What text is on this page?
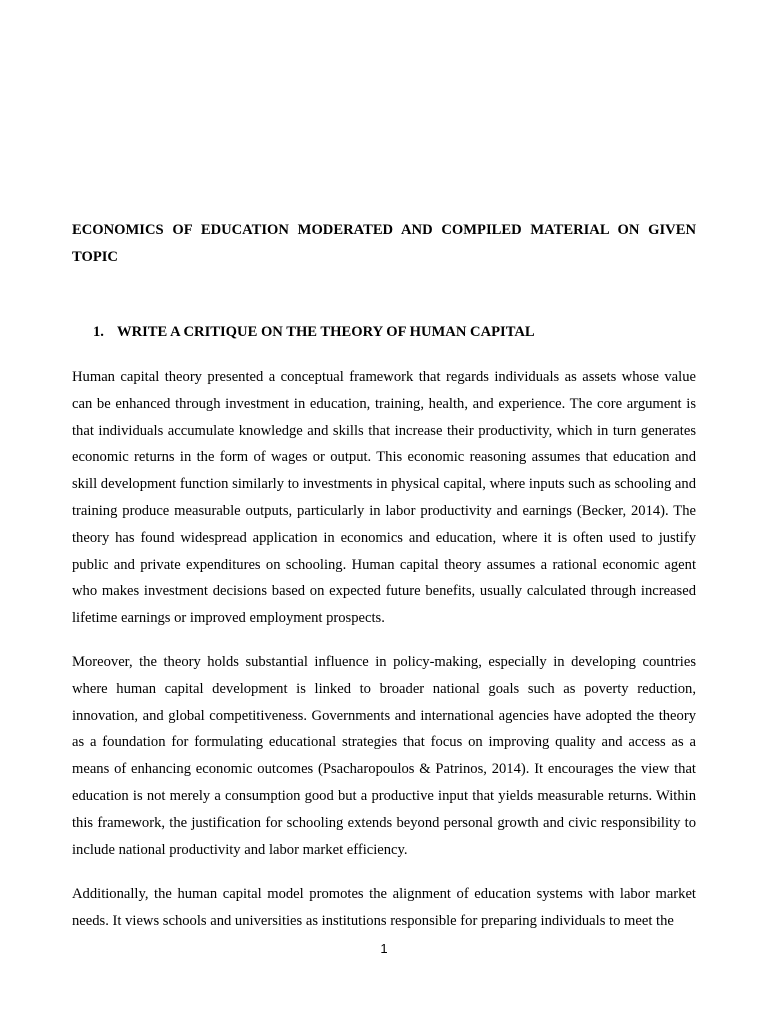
ECONOMICS OF EDUCATION MODERATED AND COMPILED MATERIAL ON GIVEN TOPIC
1. WRITE A CRITIQUE ON THE THEORY OF HUMAN CAPITAL

Human capital theory presented a conceptual framework that regards individuals as assets whose value can be enhanced through investment in education, training, health, and experience. The core argument is that individuals accumulate knowledge and skills that increase their productivity, which in turn generates economic returns in the form of wages or output. This economic reasoning assumes that education and skill development function similarly to investments in physical capital, where inputs such as schooling and training produce measurable outputs, particularly in labor productivity and earnings (Becker, 2014). The theory has found widespread application in economics and education, where it is often used to justify public and private expenditures on schooling. Human capital theory assumes a rational economic agent who makes investment decisions based on expected future benefits, usually calculated through increased lifetime earnings or improved employment prospects.

Moreover, the theory holds substantial influence in policy-making, especially in developing countries where human capital development is linked to broader national goals such as poverty reduction, innovation, and global competitiveness. Governments and international agencies have adopted the theory as a foundation for formulating educational strategies that focus on improving quality and access as a means of enhancing economic outcomes (Psacharopoulos & Patrinos, 2014). It encourages the view that education is not merely a consumption good but a productive input that yields measurable returns. Within this framework, the justification for schooling extends beyond personal growth and civic responsibility to include national productivity and labor market efficiency.

Additionally, the human capital model promotes the alignment of education systems with labor market needs. It views schools and universities as institutions responsible for preparing individuals to meet the

1
